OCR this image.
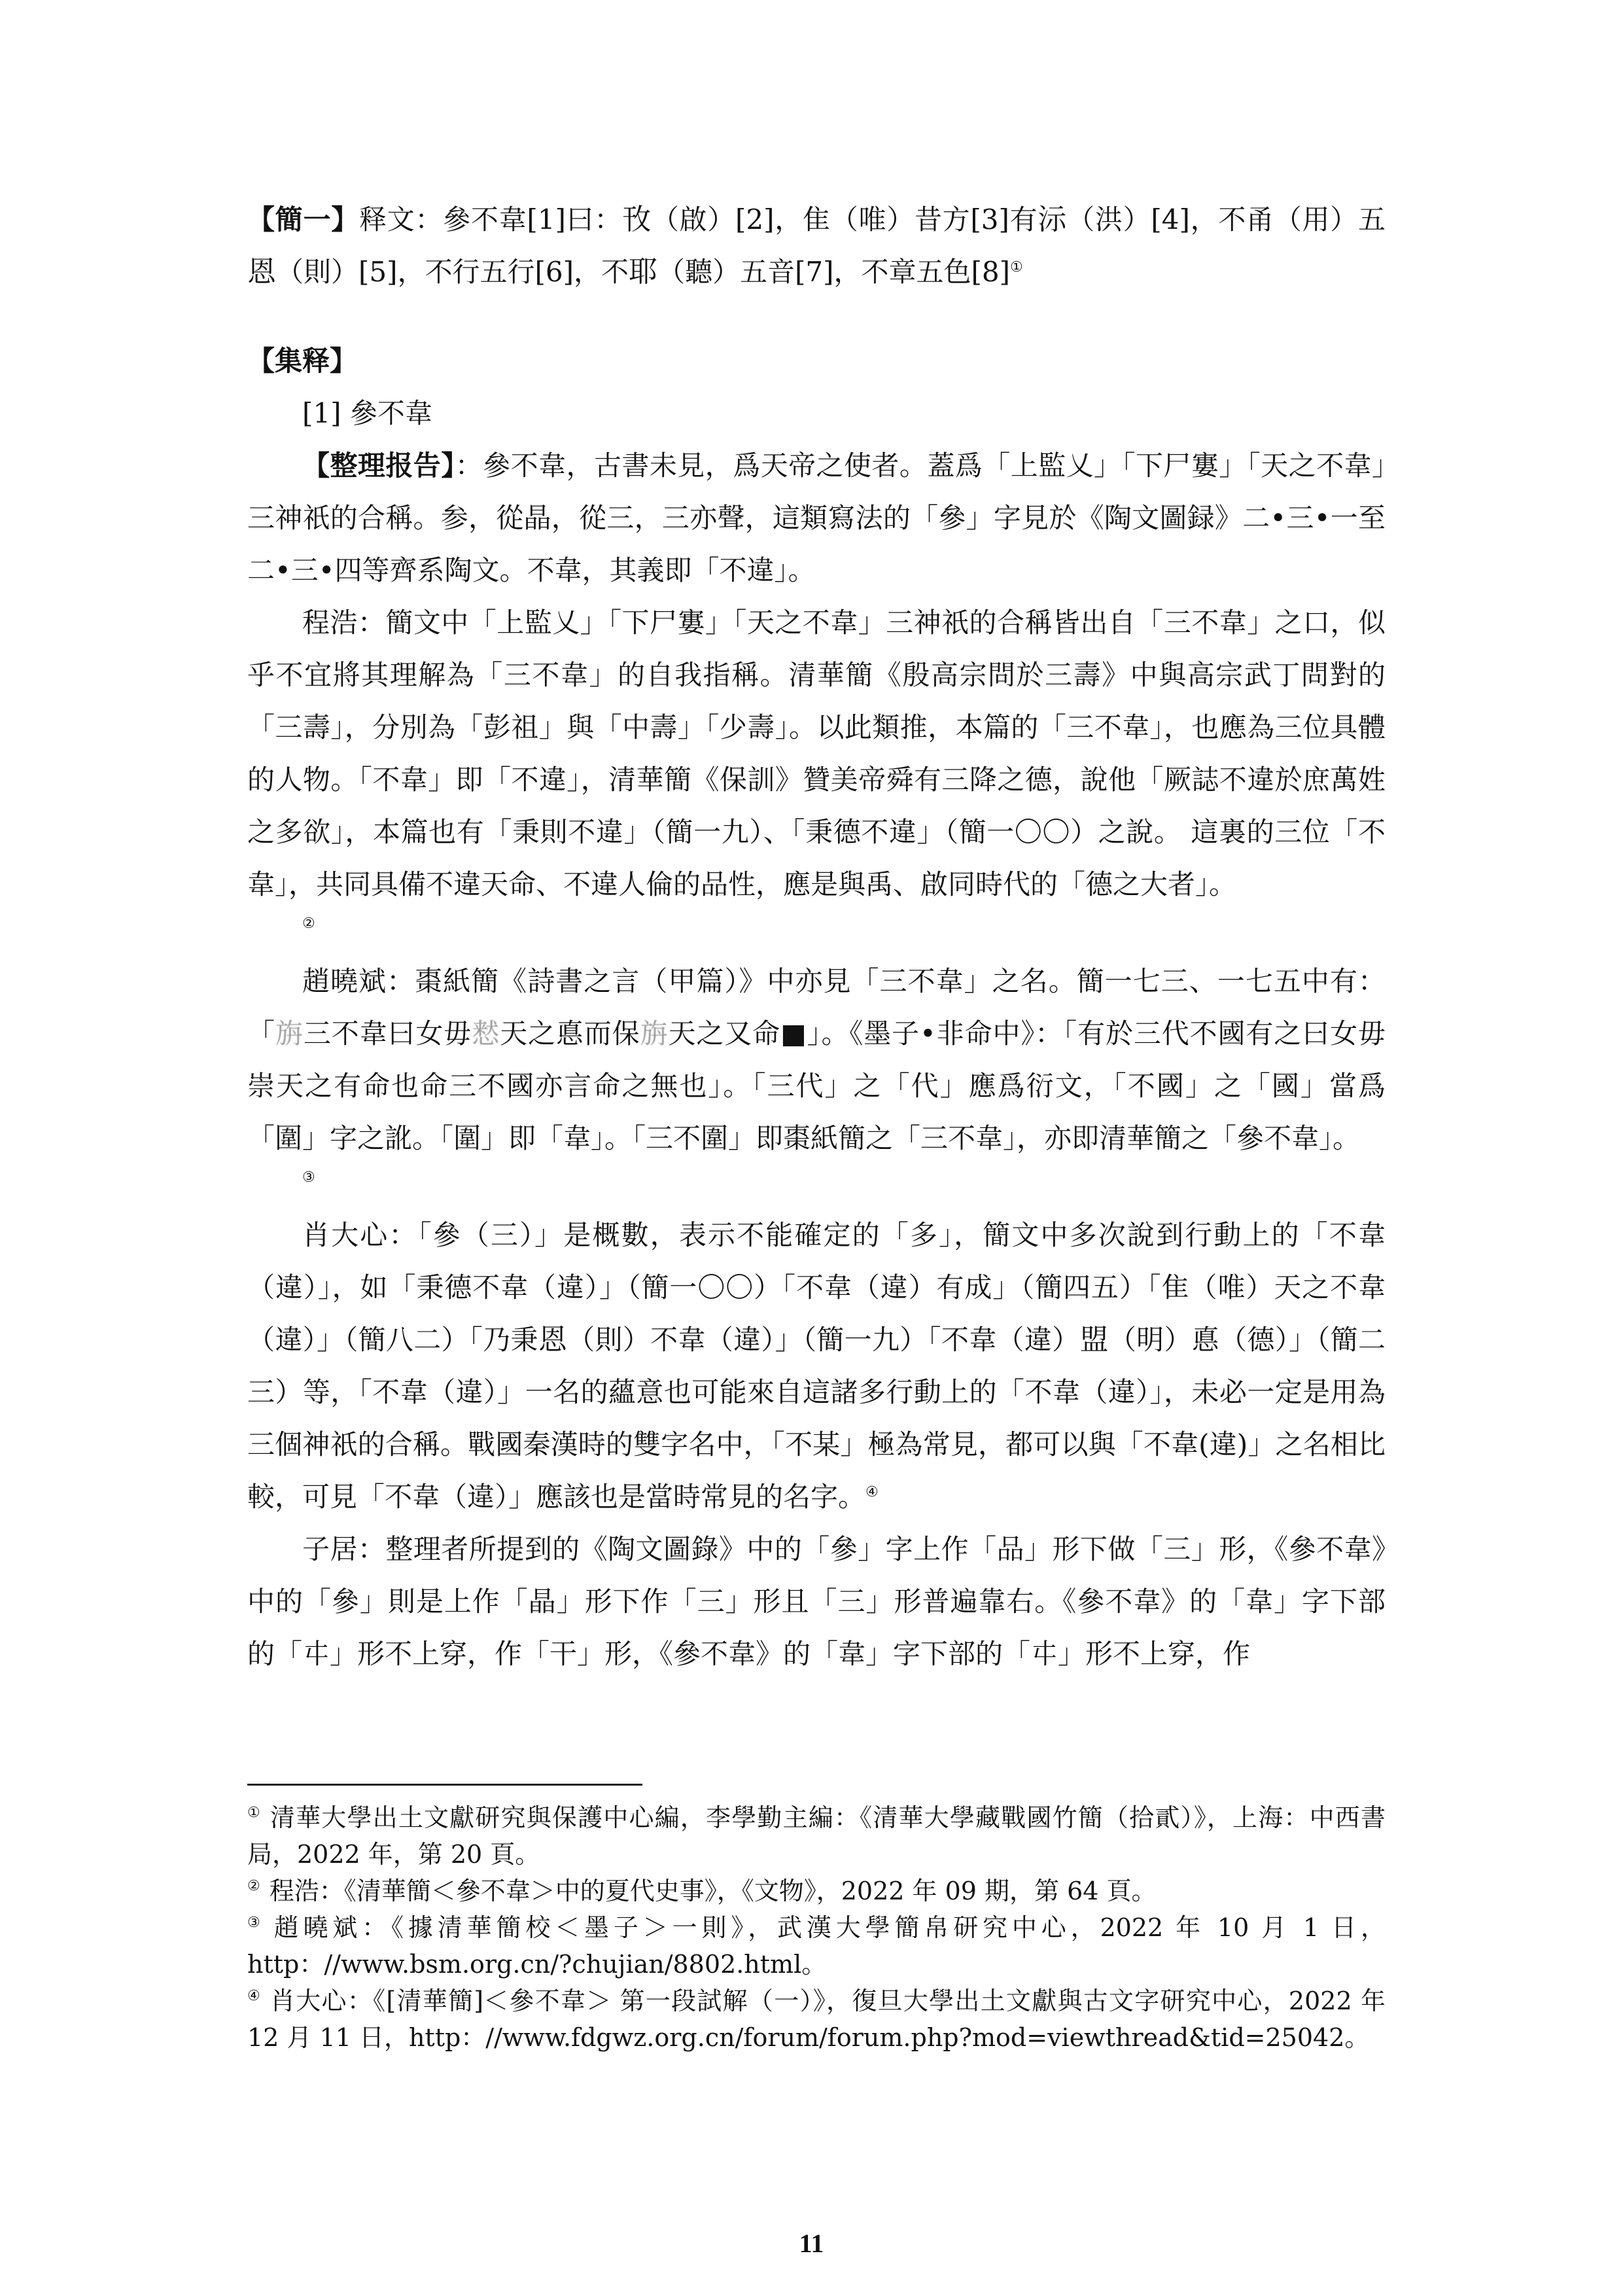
【簡一】释文：參不韋[1]曰：攼（啟）[2]，隹（唯）昔方[3]有沶（洪）[4]，不甬（用）五恩（則）[5]，不行五行[6]，不耶（聽）五音[7]，不章五色[8]①

【集释】

[1] 參不韋

【整理报告】：參不韋，古書未見，爲天帝之使者。蓋爲「上監乂」「下尸寠」「天之不韋」三神祇的合稱。参，從晶，從三，三亦聲，這類寫法的「參」字見於《陶文圖録》二•三•一至二•三•四等齊系陶文。不韋，其義即「不違」。

程浩：簡文中「上監乂」「下尸寠」「天之不韋」三神祇的合稱皆出自「三不韋」之口，似乎不宜將其理解為「三不韋」的自我指稱。清華簡《殷高宗問於三壽》中與高宗武丁問對的「三壽」，分別為「彭祖」與「中壽」「少壽」。以此類推，本篇的「三不韋」，也應為三位具體的人物。「不韋」即「不違」，清華簡《保訓》贊美帝舜有三降之德，說他「厥誌不違於庶萬姓之多欲」，本篇也有「秉則不違」（簡一九）、「秉德不違」（簡一〇〇）之說。 這裏的三位「不韋」，共同具備不違天命、不違人倫的品性，應是與禹、啟同時代的「德之大者」。
②

趙曉斌：棗紙簡《詩書之言（甲篇）》中亦見「三不韋」之名。簡一七三、一七五中有：「旃三不韋曰女毋慭天之悳而保旃天之又命■」。《墨子•非命中》：「有於三代不國有之曰女毋崇天之有命也命三不國亦言命之無也」。「三代」之「代」應爲衍文，「不國」之「國」當爲「圍」字之訛。「圍」即「韋」。「三不圍」即棗紙簡之「三不韋」，亦即清華簡之「參不韋」。
③

肖大心：「參（三）」是概數，表示不能確定的「多」，簡文中多次說到行動上的「不韋（違）」，如「秉德不韋（違）」（簡一〇〇）「不韋（違）有成」（簡四五）「隹（唯）天之不韋（違）」（簡八二）「乃秉恩（則）不韋（違）」（簡一九）「不韋（違）盟（明）悳（德）」（簡二三）等，「不韋（違）」一名的蘊意也可能來自這諸多行動上的「不韋（違）」，未必一定是用為三個神祇的合稱。戰國秦漢時的雙字名中，「不某」極為常見，都可以與「不韋(違)」之名相比較，可見「不韋（違）」應該也是當時常見的名字。④

子居：整理者所提到的《陶文圖錄》中的「參」字上作「品」形下做「三」形，《參不韋》中的「參」則是上作「晶」形下作「三」形且「三」形普遍靠右。《參不韋》的「韋」字下部的「㐄」形不上穿，作「干」形，《參不韋》的「韋」字下部的「㐄」形不上穿，作

① 清華大學出土文獻研究與保護中心編，李學勤主編：《清華大學藏戰國竹簡（拾貳）》，上海：中西書局，2022 年，第 20 頁。

② 程浩：《清華簡＜參不韋＞中的夏代史事》，《文物》，2022 年 09 期，第 64 頁。

③ 趙曉斌：《據清華簡校＜墨子＞一則》，武漢大學簡帛研究中心，2022 年 10 月 1 日，http：//www.bsm.org.cn/?chujian/8802.html。

④ 肖大心：《[清華簡]＜參不韋＞ 第一段試解（一）》，復旦大學出土文獻與古文字研究中心，2022 年 12 月 11 日，http：//www.fdgwz.org.cn/forum/forum.php?mod=viewthread&tid=25042。

11
